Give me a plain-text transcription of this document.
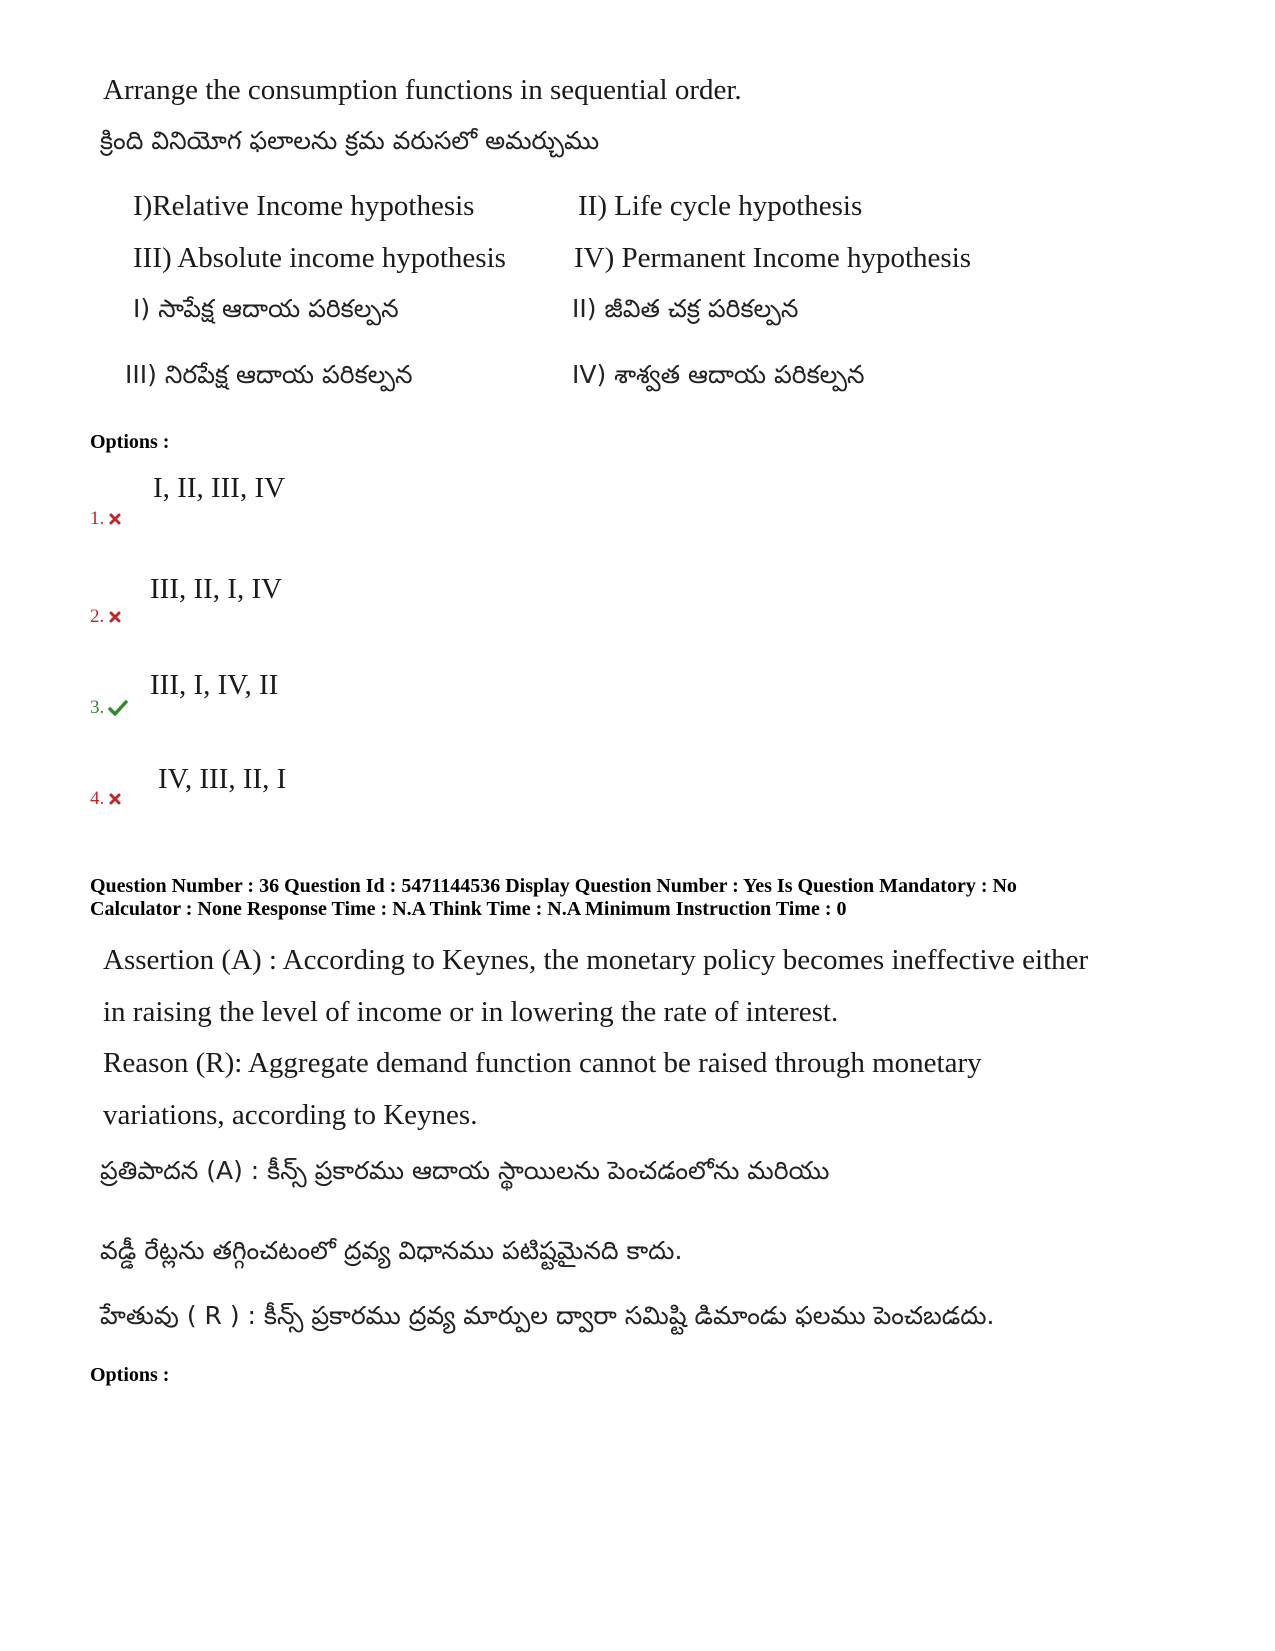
Arrange the consumption functions in sequential order.
క్రింది వినియోగ ఫలాలను క్రమ వరుసలో అమర్చుము
I)Relative Income hypothesis	II) Life cycle hypothesis
III) Absolute income hypothesis IV) Permanent Income hypothesis
I) సాపేక్ష ఆదాయ పరికల్పన	II) జీవిత చక్ర పరికల్పన
III) నిరపేక్ష ఆదాయ పరికల్పన	IV) శాశ్వత ఆదాయ పరికల్పన
Options :
I, II, III, IV
1.
III, II, I, IV
2.
III, I, IV, II
3.
IV, III, II, I
4.
Question Number : 36 Question Id : 5471144536 Display Question Number : Yes Is Question Mandatory : No
Calculator : None Response Time : N.A Think Time : N.A Minimum Instruction Time : 0
Assertion (A) : According to Keynes, the monetary policy becomes ineffective either
in raising the level of income or in lowering the rate of interest.
Reason (R): Aggregate demand function cannot be raised through monetary
variations, according to Keynes.
ప్రతిపాదన (A) : కీన్స్ ప్రకారము ఆదాయ స్థాయిలను పెంచడంలోను మరియు
వడ్డీ రేట్లను తగ్గించటంలో ద్రవ్య విధానము పటిష్టమైనది కాదు.
హేతువు ( R ) : కీన్స్ ప్రకారము ద్రవ్య మార్పుల ద్వారా సమిష్టి డిమాండు ఫలము పెంచబడదు.
Options :
